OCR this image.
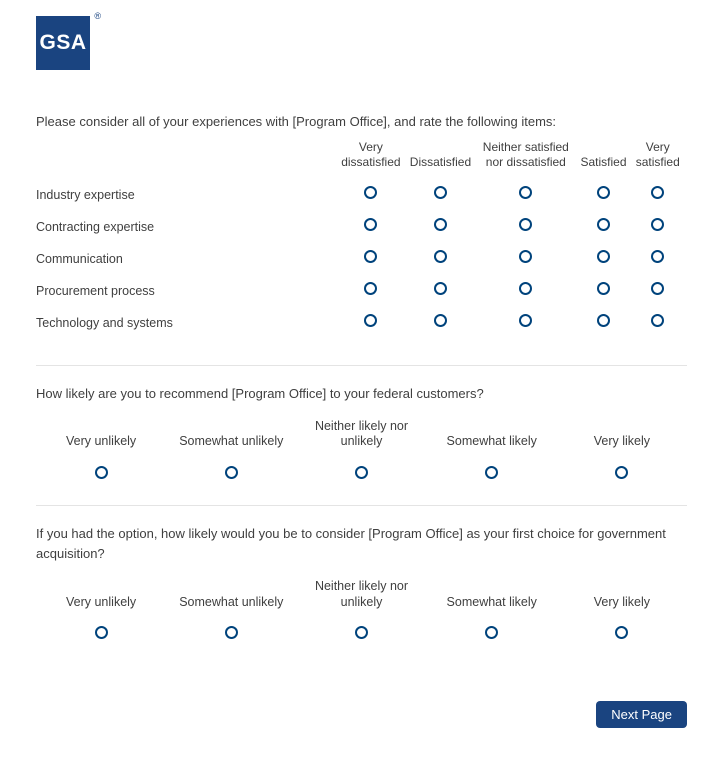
GSA
®

Please consider all of your experiences with [Program Office], and rate the following items:

	Very dissatisfied	Dissatisfied	Neither satisfied nor dissatisfied	Satisfied	Very satisfied
Industry expertise					
Contracting expertise					
Communication					
Procurement process					
Technology and systems					

How likely are you to recommend [Program Office] to your federal customers?

Very unlikely	Somewhat unlikely
Neither likely nor unlikely	Somewhat likely	Very likely

If you had the option, how likely would you be to consider [Program Office] as your first choice for government acquisition?

Very unlikely	Somewhat unlikely
Neither likely nor unlikely	Somewhat likely	Very likely
Next Page
